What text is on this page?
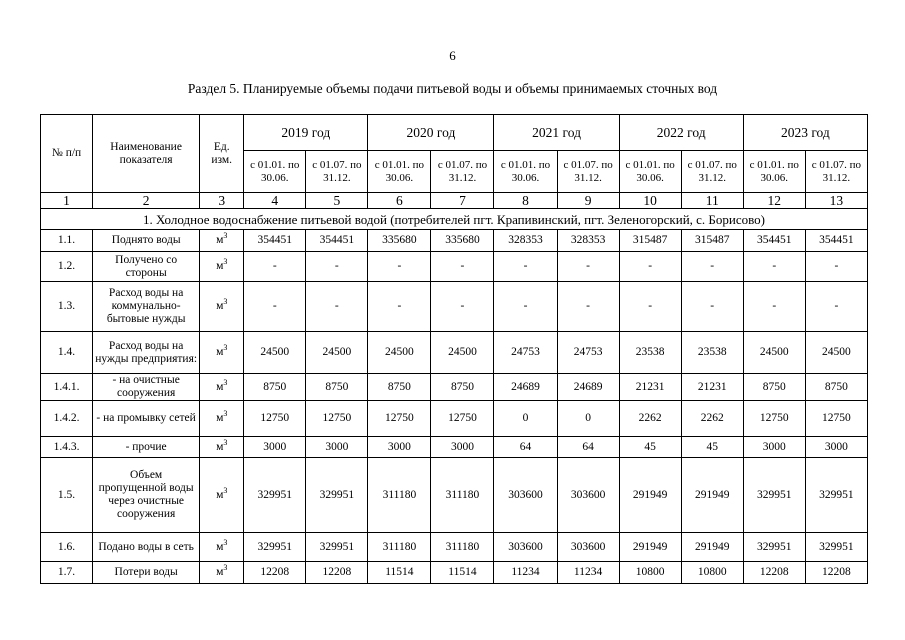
6
Раздел 5. Планируемые объемы подачи питьевой воды и объемы принимаемых сточных вод
№ п/п	Наименование показателя	Ед. изм.	2019 год		2020 год		2021 год		2022 год		2023 год	
			с 01.01. по 30.06.	с 01.07. по 31.12.	с 01.01. по 30.06.	с 01.07. по 31.12.	с 01.01. по 30.06.	с 01.07. по 31.12.	с 01.01. по 30.06.	с 01.07. по 31.12.	с 01.01. по 30.06.	с 01.07. по 31.12.
1	2	3	4	5	6	7	8	9	10	11	12	13
1. Холодное водоснабжение питьевой водой (потребителей пгт. Крапивинский, пгт. Зеленогорский, с. Борисово)												
1.1.	Поднято воды	$м^3$	354451	354451	335680	335680	328353	328353	315487	315487	354451	354451
1.2.	Получено со стороны	$м^3$	-	-	-	-	-	-	-	-	-	-
1.3.	Расход воды на коммунально-бытовые нужды	$м^3$	-	-	-	-	-	-	-	-	-	-
1.4.	Расход воды на нужды предприятия:	$м^3$	24500	24500	24500	24500	24753	24753	23538	23538	24500	24500
1.4.1.	- на очистные сооружения	$м^3$	8750	8750	8750	8750	24689	24689	21231	21231	8750	8750
1.4.2.	- на промывку сетей	$м^3$	12750	12750	12750	12750	0	0	2262	2262	12750	12750
1.4.3.	- прочие	$м^3$	3000	3000	3000	3000	64	64	45	45	3000	3000
1.5.	Объем пропущенной воды через очистные сооружения	$м^3$	329951	329951	311180	311180	303600	303600	291949	291949	329951	329951
1.6.	Подано воды в сеть	$м^3$	329951	329951	311180	311180	303600	303600	291949	291949	329951	329951
1.7.	Потери воды	$м^3$	12208	12208	11514	11514	11234	11234	10800	10800	12208	12208
